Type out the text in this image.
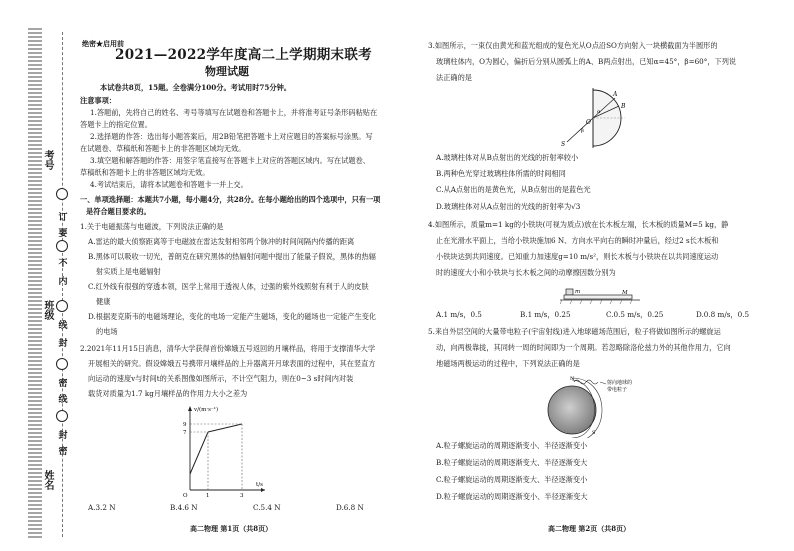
考号
班级
姓名
订
要
不
内
线
封
密
线
封
密
绝密★启用前
2021—2022学年度高二上学期期末联考
物理试题
本试卷共8页，15题。全卷满分100分。考试用时75分钟。
注意事项：
1.答题前，先将自己的姓名、考号等填写在试题卷和答题卡上，并将准考证号条形码粘贴在
答题卡上的指定位置。
2.选择题的作答：选出每小题答案后，用2B铅笔把答题卡上对应题目的答案标号涂黑。写
在试题卷、草稿纸和答题卡上的非答题区域均无效。
3.填空题和解答题的作答：用签字笔直接写在答题卡上对应的答题区域内。写在试题卷、
草稿纸和答题卡上的非答题区域均无效。
4.考试结束后，请将本试题卷和答题卡一并上交。
一、单项选择题：本题共7小题，每小题4分，共28分。在每小题给出的四个选项中，只有一项
是符合题目要求的。
1.关于电磁振荡与电磁波，下列说法正确的是
A.雷达的最大侦察距离等于电磁波在雷达发射相邻两个脉冲的时间间隔内传播的距离
B.黑体可以吸收一切光，普朗克在研究黑体的热辐射问题中提出了能量子假说，黑体的热辐
射实质上是电磁辐射
C.红外线有很强的穿透本领，医学上常用于透视人体，过强的紫外线照射有利于人的皮肤
健康
D.根据麦克斯韦的电磁场理论，变化的电场一定能产生磁场，变化的磁场也一定能产生变化
的电场
2.2021年11月15日消息，清华大学获得首份嫦娥五号返回的月壤样品，将用于支撑清华大学
开展相关的研究。假设嫦娥五号携带月壤样品的上升器离开月球表面的过程中，其在竖直方
向运动的速度v与时间t的关系图像如图所示，不计空气阻力，则在0~3 s时间内对装
载货对质量为1.7 kg月壤样品的作用力大小之差为
v/(m·s⁻¹)
t/s
9
7
1	3
O
A.3.2 N	B.4.6 N	C.5.4 N	D.6.8 N
高二物理 第1页（共8页）
3.如图所示，一束仅由黄光和蓝光组成的复色光从O点沿SO方向射入一块横截面为半圆形的
玻璃柱体内，O为圆心，偏折后分别从圆弧上的A、B两点射出，已知α=45°，β=60°，下列说
法正确的是
S
O
A
B
α
β
A.玻璃柱体对从B点射出的光线的折射率较小
B.两种色光穿过玻璃柱体所需的时间相同
C.从A点射出的是黄色光，从B点射出的是蓝色光
D.玻璃柱体对从A点射出的光线的折射率为√3
4.如图所示，质量m=1 kg的小铁块(可视为质点)放在长木板左端，长木板的质量M=5 kg，静
止在光滑水平面上，当给小铁块施加6 N、方向水平向右的瞬时冲量后，经过2 s长木板和
小铁块达到共同速度。已知重力加速度g=10 m/s²，则长木板与小铁块在以共同速度运动
时的速度大小和小铁块与长木板之间的动摩擦因数分别为
m	M
A.1 m/s，0.5	B.1 m/s，0.25	C.0.5 m/s，0.25	D.0.8 m/s，0.5
5.来自外层空间的大量带电粒子(宇宙射线)进入地球磁场范围后，粒子将做如图所示的螺旋运
动，向两极靠拢，其同转一周的时间即为一个周期。若忽略除洛伦兹力外的其他作用力，它向
地磁场两极运动的过程中，下列说法正确的是
N
S
射向地球的
带电粒子
A.粒子螺旋运动的周期逐渐变小、半径逐渐变小
B.粒子螺旋运动的周期逐渐变大、半径逐渐变大
C.粒子螺旋运动的周期逐渐变大、半径逐渐变小
D.粒子螺旋运动的周期逐渐变小、半径逐渐变大
高二物理 第2页（共8页）
